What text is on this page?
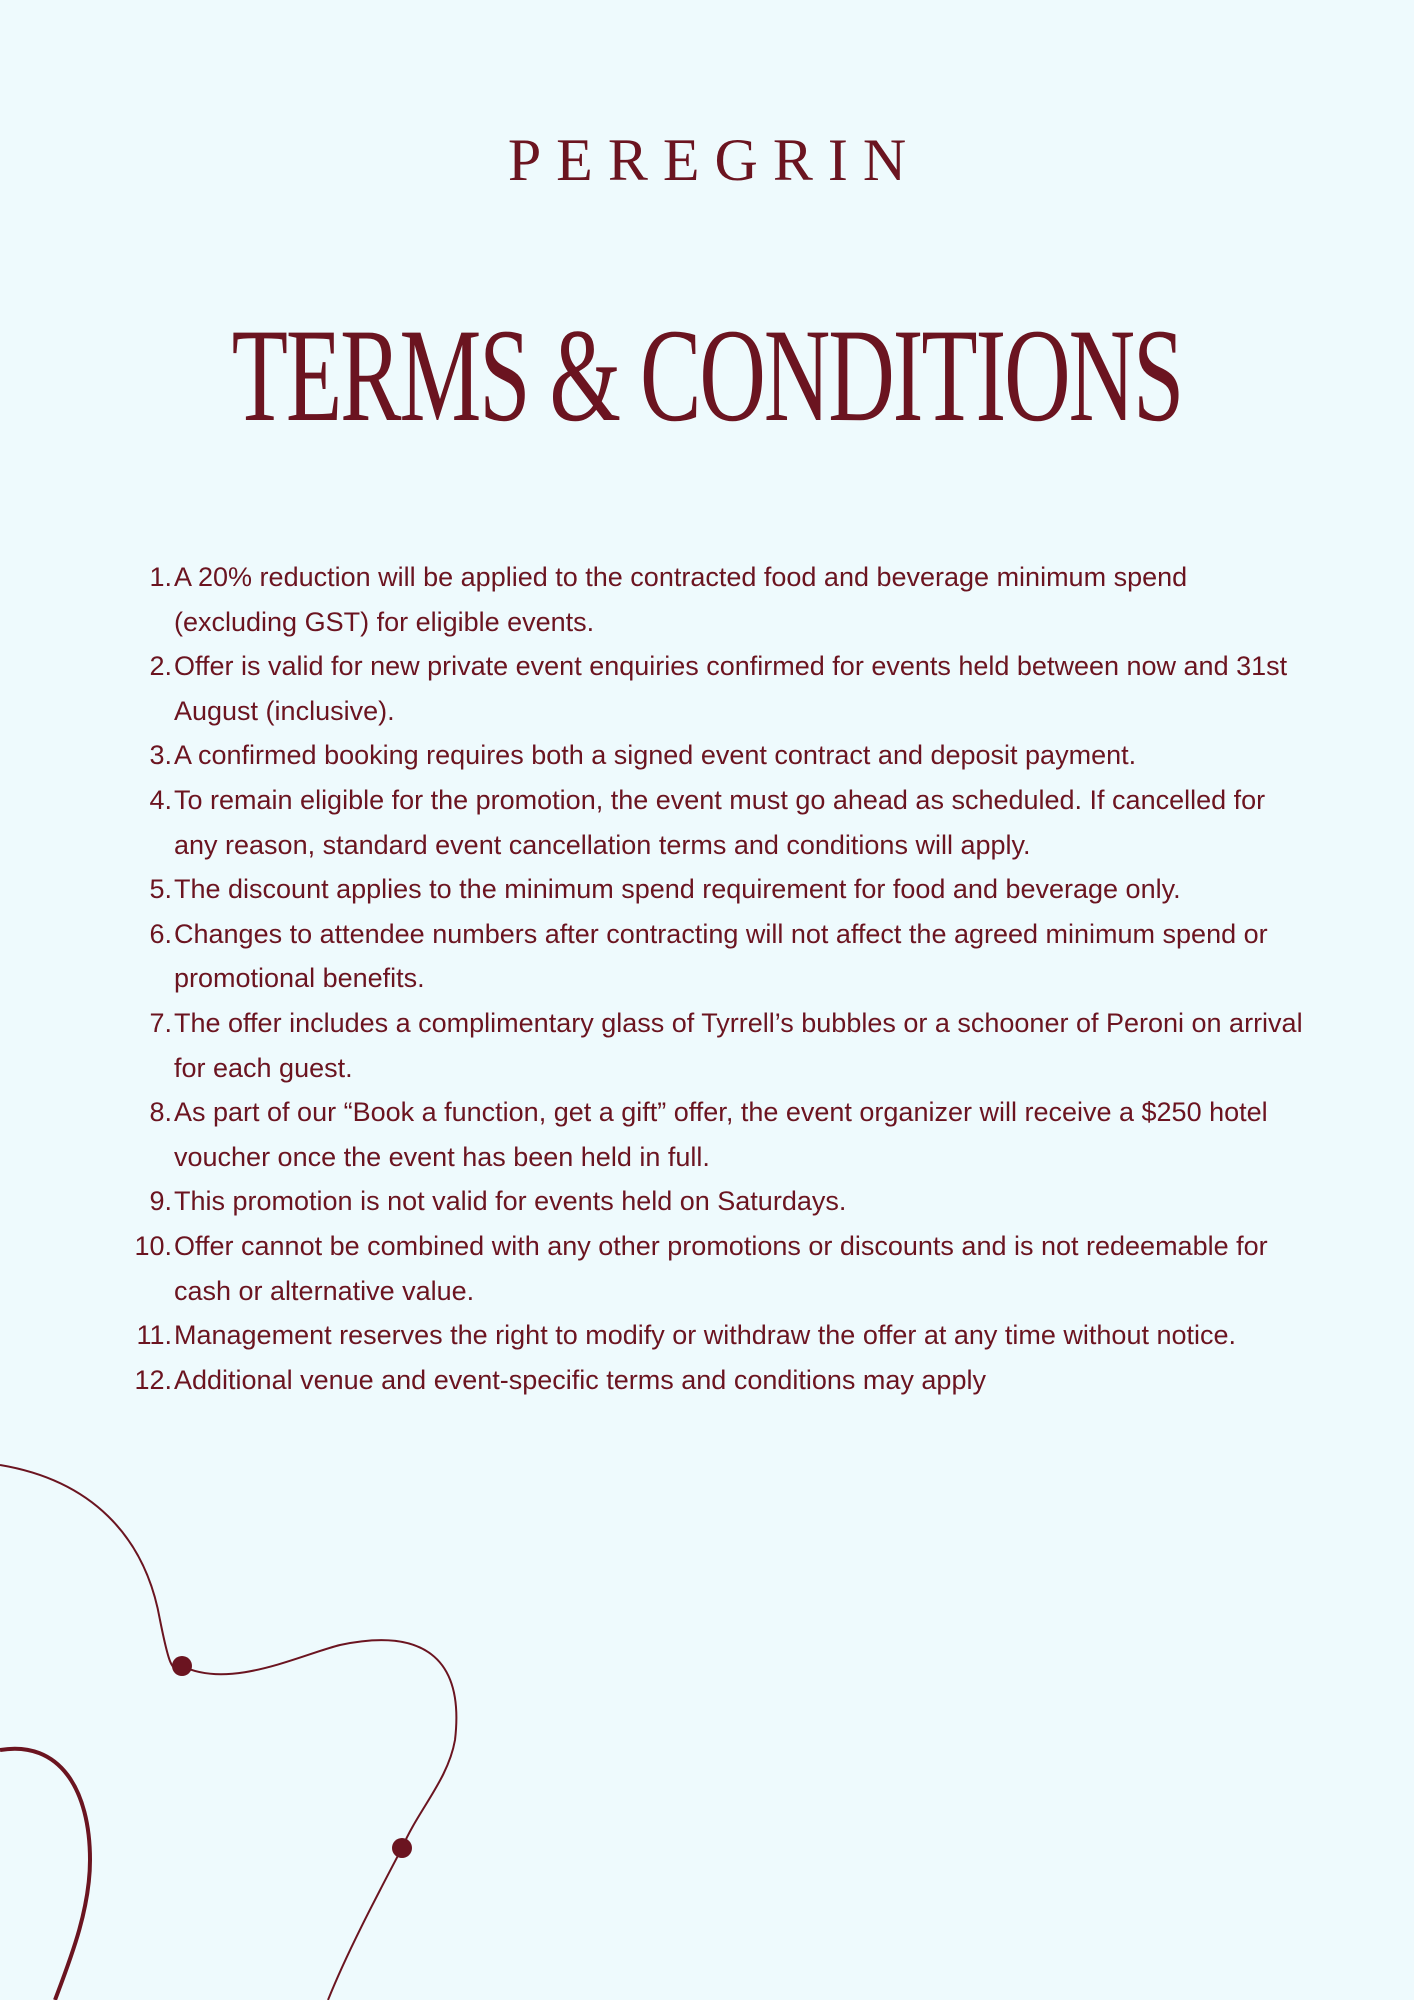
PEREGRIN
TERMS & CONDITIONS
1. A 20% reduction will be applied to the contracted food and beverage minimum spend (excluding GST) for eligible events.
2. Offer is valid for new private event enquiries confirmed for events held between now and 31st August (inclusive).
3. A confirmed booking requires both a signed event contract and deposit payment.
4. To remain eligible for the promotion, the event must go ahead as scheduled. If cancelled for any reason, standard event cancellation terms and conditions will apply.
5. The discount applies to the minimum spend requirement for food and beverage only.
6. Changes to attendee numbers after contracting will not affect the agreed minimum spend or promotional benefits.
7. The offer includes a complimentary glass of Tyrrell’s bubbles or a schooner of Peroni on arrival for each guest.
8. As part of our “Book a function, get a gift” offer, the event organizer will receive a $250 hotel voucher once the event has been held in full.
9. This promotion is not valid for events held on Saturdays.
10. Offer cannot be combined with any other promotions or discounts and is not redeemable for cash or alternative value.
11. Management reserves the right to modify or withdraw the offer at any time without notice.
12. Additional venue and event-specific terms and conditions may apply
